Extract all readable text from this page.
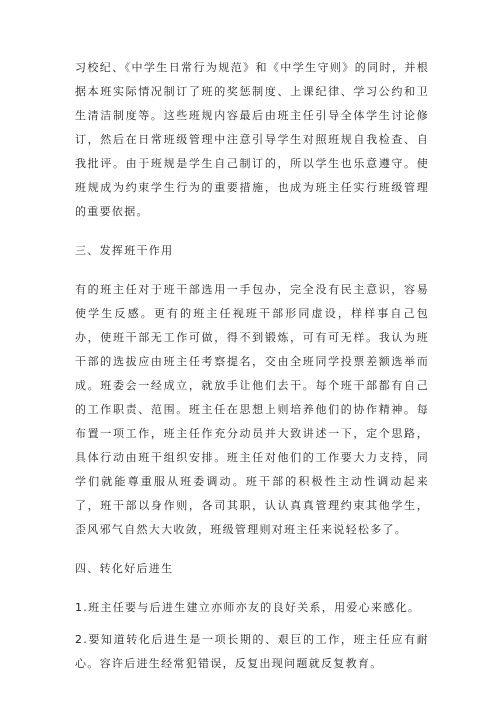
习校纪、《中学生日常行为规范》和《中学生守则》的同时，并根据本班实际情况制订了班的奖惩制度、上课纪律、学习公约和卫生清洁制度等。这些班规内容最后由班主任引导全体学生讨论修订，然后在日常班级管理中注意引导学生对照班规自我检查、自我批评。由于班规是学生自己制订的，所以学生也乐意遵守。使班规成为约束学生行为的重要措施，也成为班主任实行班级管理的重要依据。

三、发挥班干作用

有的班主任对于班干部选用一手包办，完全没有民主意识，容易使学生反感。更有的班主任视班干部形同虚设，样样事自己包办，使班干部无工作可做，得不到锻炼，可有可无样。我认为班干部的选拔应由班主任考察提名，交由全班同学投票差额选举而成。班委会一经成立，就放手让他们去干。每个班干部都有自己的工作职责、范围。班主任在思想上则培养他们的协作精神。每布置一项工作，班主任作充分动员并大致讲述一下，定个思路，具体行动由班干组织安排。班主任对他们的工作要大力支持，同学们就能尊重服从班委调动。班干部的积极性主动性调动起来了，班干部以身作则，各司其职，认认真真管理约束其他学生，歪风邪气自然大大收敛，班级管理则对班主任来说轻松多了。

四、转化好后进生

1.班主任要与后进生建立亦师亦友的良好关系，用爱心来感化。

2.要知道转化后进生是一项长期的、艰巨的工作，班主任应有耐心。容许后进生经常犯错误，反复出现问题就反复教育。
